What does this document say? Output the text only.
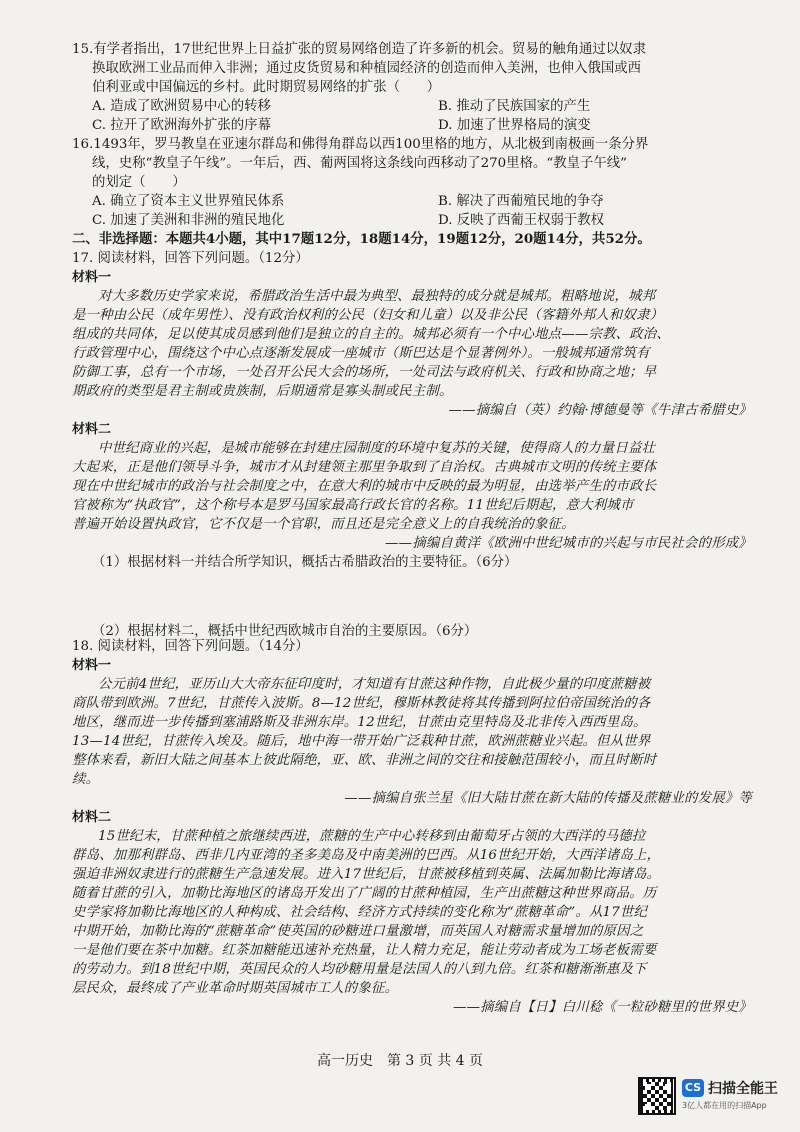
15.有学者指出，17世纪世界上日益扩张的贸易网络创造了许多新的机会。贸易的触角通过以奴隶
换取欧洲工业品而伸入非洲；通过皮货贸易和种植园经济的创造而伸入美洲，也伸入俄国或西
伯利亚或中国偏远的乡村。此时期贸易网络的扩张（　　）
A. 造成了欧洲贸易中心的转移	B. 推动了民族国家的产生
C. 拉开了欧洲海外扩张的序幕	D. 加速了世界格局的演变
16.1493年，罗马教皇在亚速尔群岛和佛得角群岛以西100里格的地方，从北极到南极画一条分界
线，史称“教皇子午线”。一年后，西、葡两国将这条线向西移动了270里格。“教皇子午线”
的划定（　　）
A. 确立了资本主义世界殖民体系	B. 解决了西葡殖民地的争夺
C. 加速了美洲和非洲的殖民地化	D. 反映了西葡王权弱于教权
二、非选择题：本题共4小题，其中17题12分，18题14分，19题12分，20题14分，共52分。
17. 阅读材料，回答下列问题。（12分）
材料一
对大多数历史学家来说，希腊政治生活中最为典型、最独特的成分就是城邦。粗略地说，城邦
是一种由公民（成年男性）、没有政治权利的公民（妇女和儿童）以及非公民（客籍外邦人和奴隶）
组成的共同体，足以使其成员感到他们是独立的自主的。城邦必须有一个中心地点——宗教、政治、
行政管理中心，围绕这个中心点逐渐发展成一座城市（斯巴达是个显著例外）。一般城邦通常筑有
防御工事，总有一个市场，一处召开公民大会的场所，一处司法与政府机关、行政和协商之地；早
期政府的类型是君主制或贵族制，后期通常是寡头制或民主制。
——摘编自（英）约翰·博德曼等《牛津古希腊史》
材料二
中世纪商业的兴起，是城市能够在封建庄园制度的环境中复苏的关键，使得商人的力量日益壮
大起来，正是他们领导斗争，城市才从封建领主那里争取到了自治权。古典城市文明的传统主要体
现在中世纪城市的政治与社会制度之中，在意大利的城市中反映的最为明显，由选举产生的市政长
官被称为“执政官”，这个称号本是罗马国家最高行政长官的名称。11世纪后期起，意大利城市
普遍开始设置执政官，它不仅是一个官职，而且还是完全意义上的自我统治的象征。
——摘编自黄洋《欧洲中世纪城市的兴起与市民社会的形成》
（1）根据材料一并结合所学知识，概括古希腊政治的主要特征。（6分）
（2）根据材料二，概括中世纪西欧城市自治的主要原因。（6分）
18. 阅读材料，回答下列问题。（14分）
材料一
公元前4世纪，亚历山大大帝东征印度时，才知道有甘蔗这种作物，自此极少量的印度蔗糖被
商队带到欧洲。7世纪，甘蔗传入波斯。8—12世纪，穆斯林教徒将其传播到阿拉伯帝国统治的各
地区，继而进一步传播到塞浦路斯及非洲东岸。12世纪，甘蔗由克里特岛及北非传入西西里岛。
13—14世纪，甘蔗传入埃及。随后，地中海一带开始广泛栽种甘蔗，欧洲蔗糖业兴起。但从世界
整体来看，新旧大陆之间基本上彼此隔绝，亚、欧、非洲之间的交往和接触范围较小，而且时断时
续。
——摘编自张兰星《旧大陆甘蔗在新大陆的传播及蔗糖业的发展》等
材料二
15世纪末，甘蔗种植之旅继续西进，蔗糖的生产中心转移到由葡萄牙占领的大西洋的马德拉
群岛、加那利群岛、西非几内亚湾的圣多美岛及中南美洲的巴西。从16世纪开始，大西洋诸岛上，
强迫非洲奴隶进行的蔗糖生产急速发展。进入17世纪后，甘蔗被移植到英属、法属加勒比海诸岛。
随着甘蔗的引入，加勒比海地区的诸岛开发出了广阔的甘蔗种植园，生产出蔗糖这种世界商品。历
史学家将加勒比海地区的人种构成、社会结构、经济方式持续的变化称为“蔗糖革命”。从17世纪
中期开始，加勒比海的“蔗糖革命”使英国的砂糖进口量激增，而英国人对糖需求量增加的原因之
一是他们要在茶中加糖。红茶加糖能迅速补充热量，让人精力充足，能让劳动者成为工场老板需要
的劳动力。到18世纪中期，英国民众的人均砂糖用量是法国人的八到九倍。红茶和糖渐渐惠及下
层民众，最终成了产业革命时期英国城市工人的象征。
——摘编自【日】白川稔《一粒砂糖里的世界史》
高一历史　第 3 页 共 4 页
CS 扫描全能王
3亿人都在用的扫描App
